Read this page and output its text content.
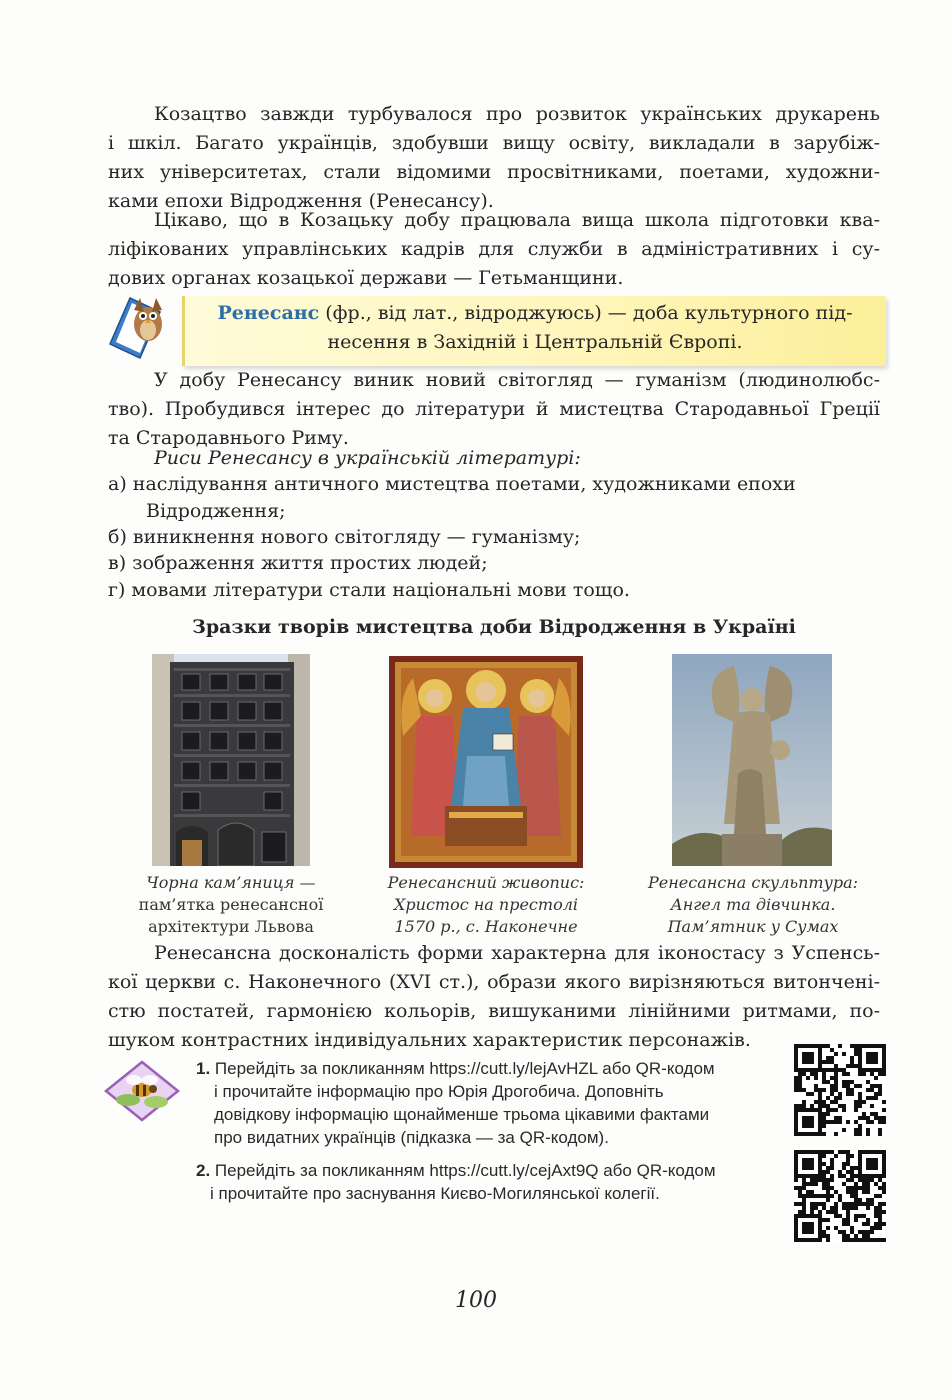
Козацтво завжди турбувалося про розвиток українських друкарень
і шкіл. Багато українців, здобувши вищу освіту, викладали в зарубіж-
них університетах, стали відомими просвітниками, поетами, художни-
ками епохи Відродження (Ренесансу).
Цікаво, що в Козацьку добу працювала вища школа підготовки ква-
ліфікованих управлінських кадрів для служби в адміністративних і су-
дових органах козацької держави — Гетьманщини.
Ренесанс (фр., від лат., відроджуюсь) — доба культурного під-
несення в Західній і Центральній Європі.
У добу Ренесансу виник новий світогляд — гуманізм (людинолюбс-
тво). Пробудився інтерес до літератури й мистецтва Стародавньої Греції
та Стародавнього Риму.

Риси Ренесансу в українській літературі:

а) наслідування античного мистецтва поетами, художниками епохи

Відродження;

б) виникнення нового світогляду — гуманізму;

в) зображення життя простих людей;

г) мовами літератури стали національні мови тощо.

Зразки творів мистецтва доби Відродження в Україні

Чорна кам’яниця —
пам’ятка ренесансної
архітектури Львова
Ренесансний живопис:
Христос на престолі
1570 р., с. Наконечне
Ренесансна скульптура:
Ангел та дівчинка.
Пам’ятник у Сумах
Ренесансна досконалість форми характерна для іконостасу з Успенсь-
кої церкви с. Наконечного (XVI ст.), образи якого вирізняються витончені-
стю постатей, гармонією кольорів, вишуканими лінійними ритмами, по-
шуком контрастних індивідуальних характеристик персонажів.
1. Перейдіть за покликанням https://cutt.ly/lejAvHZL або QR-кодом
і прочитайте інформацію про Юрія Дрогобича. Доповніть
довідкову інформацію щонайменше трьома цікавими фактами
про видатних українців (підказка — за QR-кодом).
2. Перейдіть за покликанням https://cutt.ly/cejAxt9Q або QR-кодом
і прочитайте про заснування Києво-Могилянської колегії.

100
